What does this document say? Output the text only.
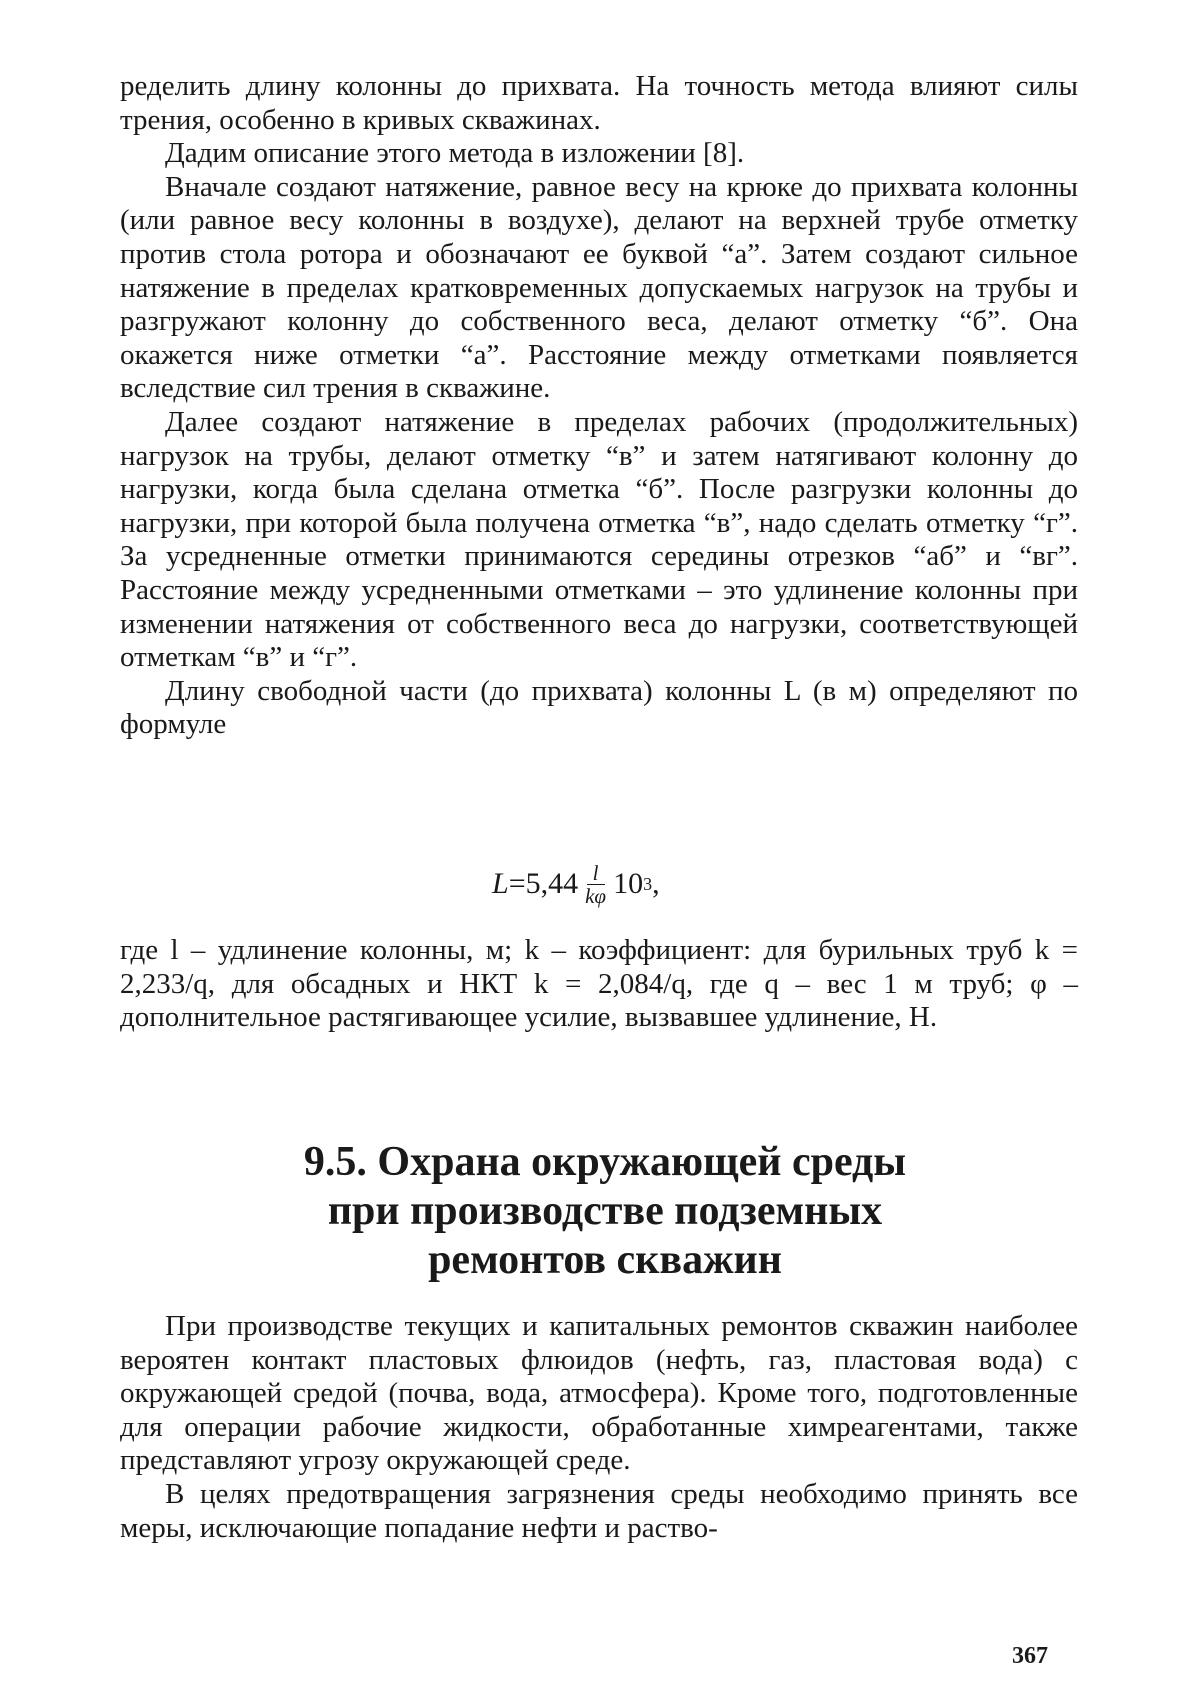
ределить длину колонны до прихвата. На точность метода влияют силы трения, особенно в кривых скважинах.

Дадим описание этого метода в изложении [8].

Вначале создают натяжение, равное весу на крюке до прихвата колонны (или равное весу колонны в воздухе), делают на верхней трубе отметку против стола ротора и обозначают ее буквой “а”. Затем создают сильное натяжение в пределах кратковременных допускаемых нагрузок на трубы и разгружают колонну до собственного веса, делают отметку “б”. Она окажется ниже отметки “а”. Расстояние между отметками появляется вследствие сил трения в скважине.

Далее создают натяжение в пределах рабочих (продолжительных) нагрузок на трубы, делают отметку “в” и затем натягивают колонну до нагрузки, когда была сделана отметка “б”. После разгрузки колонны до нагрузки, при которой была получена отметка “в”, надо сделать отметку “г”. За усредненные отметки принимаются середины отрезков “аб” и “вг”. Расстояние между усредненными отметками – это удлинение колонны при изменении натяжения от собственного веса до нагрузки, соответствующей отметкам “в” и “г”.

Длину свободной части (до прихвата) колонны L (в м) определяют по формуле

$L =5,44 \frac{l}{k\varphi} 10$ 3 ,

где l – удлинение колонны, м; k – коэффициент: для бурильных труб k = 2,233/q, для обсадных и НКТ k = 2,084/q, где q – вес 1 м труб; φ – дополнительное растягивающее усилие, вызвавшее удлинение, Н.

9.5. Охрана окружающей среды
при производстве подземных
ремонтов скважин

При производстве текущих и капитальных ремонтов скважин наиболее вероятен контакт пластовых флюидов (нефть, газ, пластовая вода) с окружающей средой (почва, вода, атмосфера). Кроме того, подготовленные для операции рабочие жидкости, обработанные химреагентами, также представляют угрозу окружающей среде.

В целях предотвращения загрязнения среды необходимо принять все меры, исключающие попадание нефти и раство-

367
